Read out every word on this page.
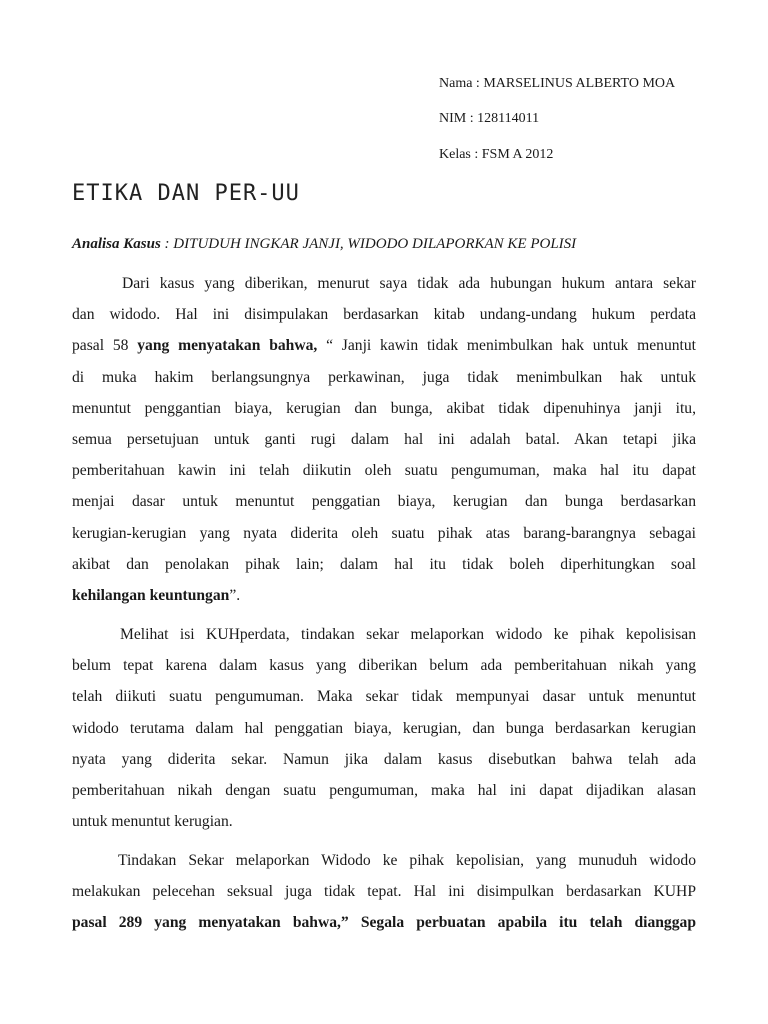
Nama : MARSELINUS ALBERTO MOA
NIM : 128114011
Kelas : FSM A 2012
ETIKA DAN PER-UU
Analisa Kasus : DITUDUH INGKAR JANJI, WIDODO DILAPORKAN KE POLISI
Dari kasus yang diberikan, menurut saya tidak ada hubungan hukum antara sekar
dan widodo. Hal ini disimpulakan berdasarkan kitab undang-undang hukum perdata
pasal 58 yang menyatakan bahwa, “ Janji kawin tidak menimbulkan hak untuk menuntut
di muka hakim berlangsungnya perkawinan, juga tidak menimbulkan hak untuk
menuntut penggantian biaya, kerugian dan bunga, akibat tidak dipenuhinya janji itu,
semua persetujuan untuk ganti rugi dalam hal ini adalah batal. Akan tetapi jika
pemberitahuan kawin ini telah diikutin oleh suatu pengumuman, maka hal itu dapat
menjai dasar untuk menuntut penggatian biaya, kerugian dan bunga berdasarkan
kerugian-kerugian yang nyata diderita oleh suatu pihak atas barang-barangnya sebagai
akibat dan penolakan pihak lain; dalam hal itu tidak boleh diperhitungkan soal
kehilangan keuntungan”.
Melihat isi KUHperdata, tindakan sekar melaporkan widodo ke pihak kepolisisan
belum tepat karena dalam kasus yang diberikan belum ada pemberitahuan nikah yang
telah diikuti suatu pengumuman. Maka sekar tidak mempunyai dasar untuk menuntut
widodo terutama dalam hal penggatian biaya, kerugian, dan bunga berdasarkan kerugian
nyata yang diderita sekar. Namun jika dalam kasus disebutkan bahwa telah ada
pemberitahuan nikah dengan suatu pengumuman, maka hal ini dapat dijadikan alasan
untuk menuntut kerugian.
Tindakan Sekar melaporkan Widodo ke pihak kepolisian, yang munuduh widodo
melakukan pelecehan seksual juga tidak tepat. Hal ini disimpulkan berdasarkan KUHP
pasal 289 yang menyatakan bahwa,” Segala perbuatan apabila itu telah dianggap
